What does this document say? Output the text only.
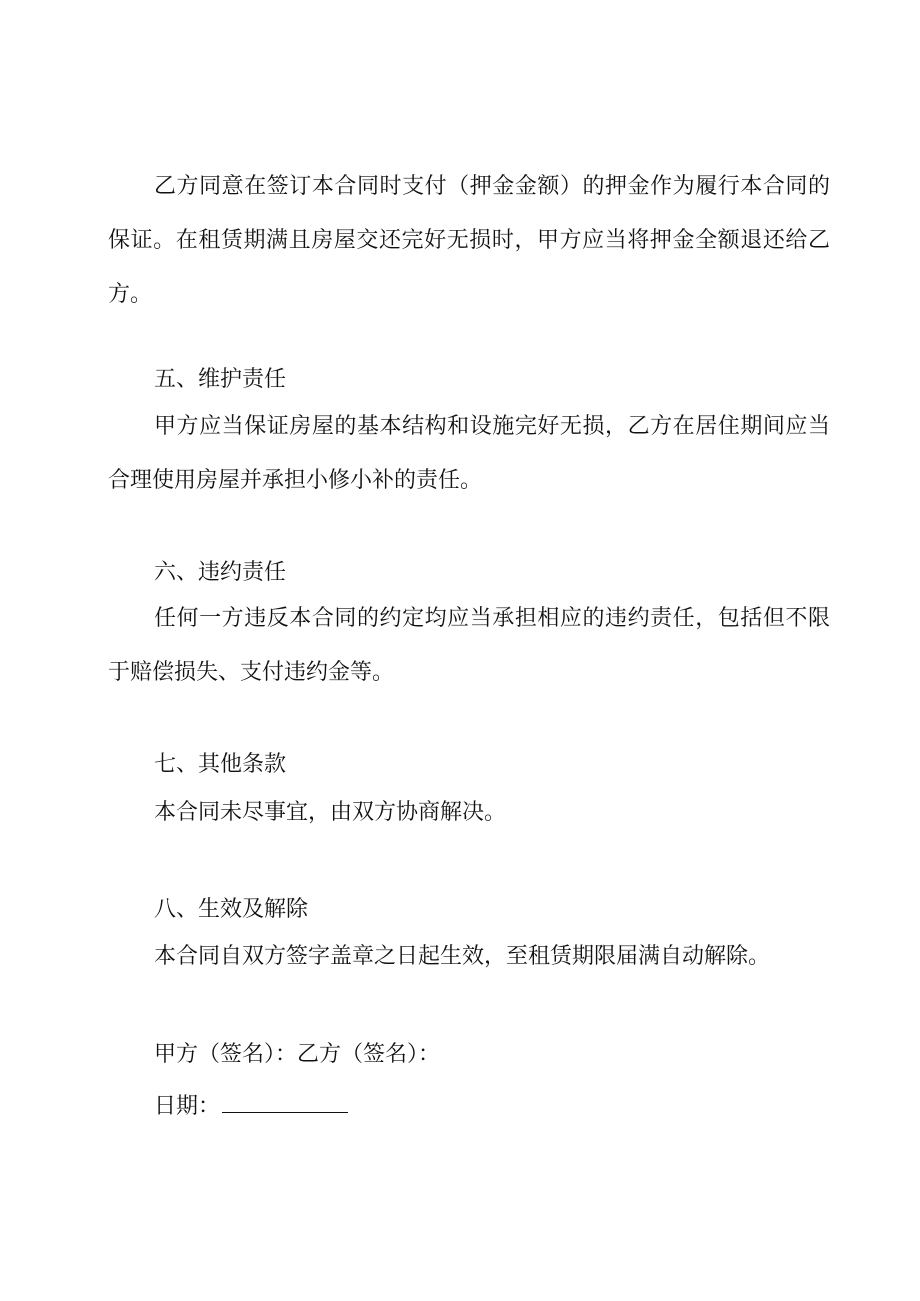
乙方同意在签订本合同时支付（押金金额）的押金作为履行本合同的保证。在租赁期满且房屋交还完好无损时，甲方应当将押金全额退还给乙方。

五、维护责任

甲方应当保证房屋的基本结构和设施完好无损，乙方在居住期间应当合理使用房屋并承担小修小补的责任。

六、违约责任

任何一方违反本合同的约定均应当承担相应的违约责任，包括但不限于赔偿损失、支付违约金等。

七、其他条款

本合同未尽事宜，由双方协商解决。

八、生效及解除

本合同自双方签字盖章之日起生效，至租赁期限届满自动解除。

甲方（签名）：乙方（签名）：

日期：
